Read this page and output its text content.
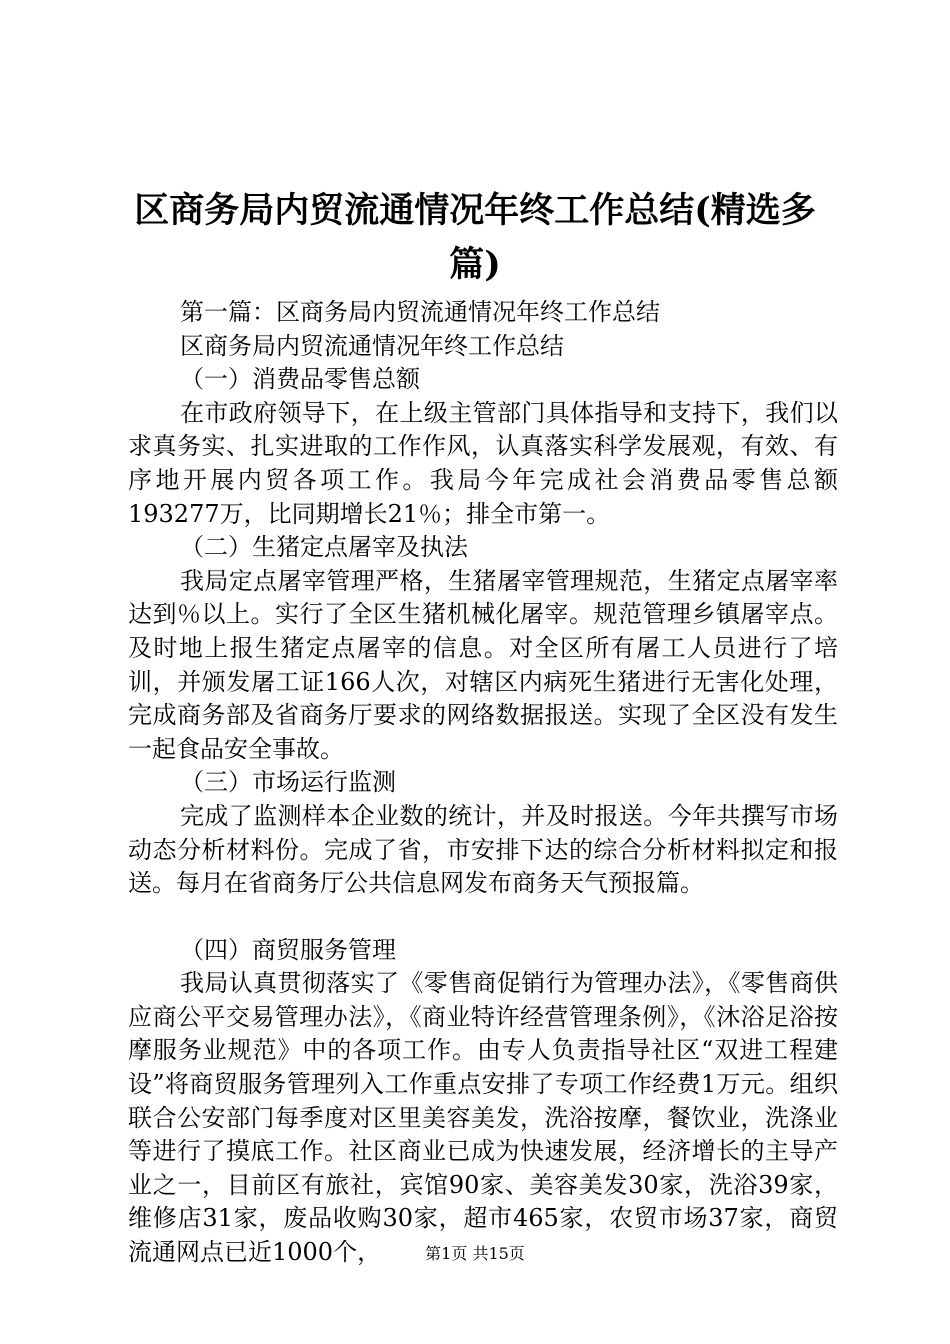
区商务局内贸流通情况年终工作总结(精选多
篇)

第一篇：区商务局内贸流通情况年终工作总结

区商务局内贸流通情况年终工作总结

（一）消费品零售总额

在市政府领导下，在上级主管部门具体指导和支持下，我们以求真务实、扎实进取的工作作风，认真落实科学发展观，有效、有序地开展内贸各项工作。我局今年完成社会消费品零售总额193277万，比同期增长21％；排全市第一。

（二）生猪定点屠宰及执法

我局定点屠宰管理严格，生猪屠宰管理规范，生猪定点屠宰率达到％以上。实行了全区生猪机械化屠宰。规范管理乡镇屠宰点。及时地上报生猪定点屠宰的信息。对全区所有屠工人员进行了培训，并颁发屠工证166人次，对辖区内病死生猪进行无害化处理，完成商务部及省商务厅要求的网络数据报送。实现了全区没有发生一起食品安全事故。

（三）市场运行监测

完成了监测样本企业数的统计，并及时报送。今年共撰写市场动态分析材料份。完成了省，市安排下达的综合分析材料拟定和报送。每月在省商务厅公共信息网发布商务天气预报篇。

（四）商贸服务管理

我局认真贯彻落实了《零售商促销行为管理办法》，《零售商供应商公平交易管理办法》，《商业特许经营管理条例》，《沐浴足浴按摩服务业规范》中的各项工作。由专人负责指导社区“双进工程建设”将商贸服务管理列入工作重点安排了专项工作经费1万元。组织联合公安部门每季度对区里美容美发，洗浴按摩，餐饮业，洗涤业等进行了摸底工作。社区商业已成为快速发展，经济增长的主导产业之一，目前区有旅社，宾馆90家、美容美发30家，洗浴39家，维修店31家，废品收购30家，超市465家，农贸市场37家，商贸流通网点已近1000个，	第1页 共15页
